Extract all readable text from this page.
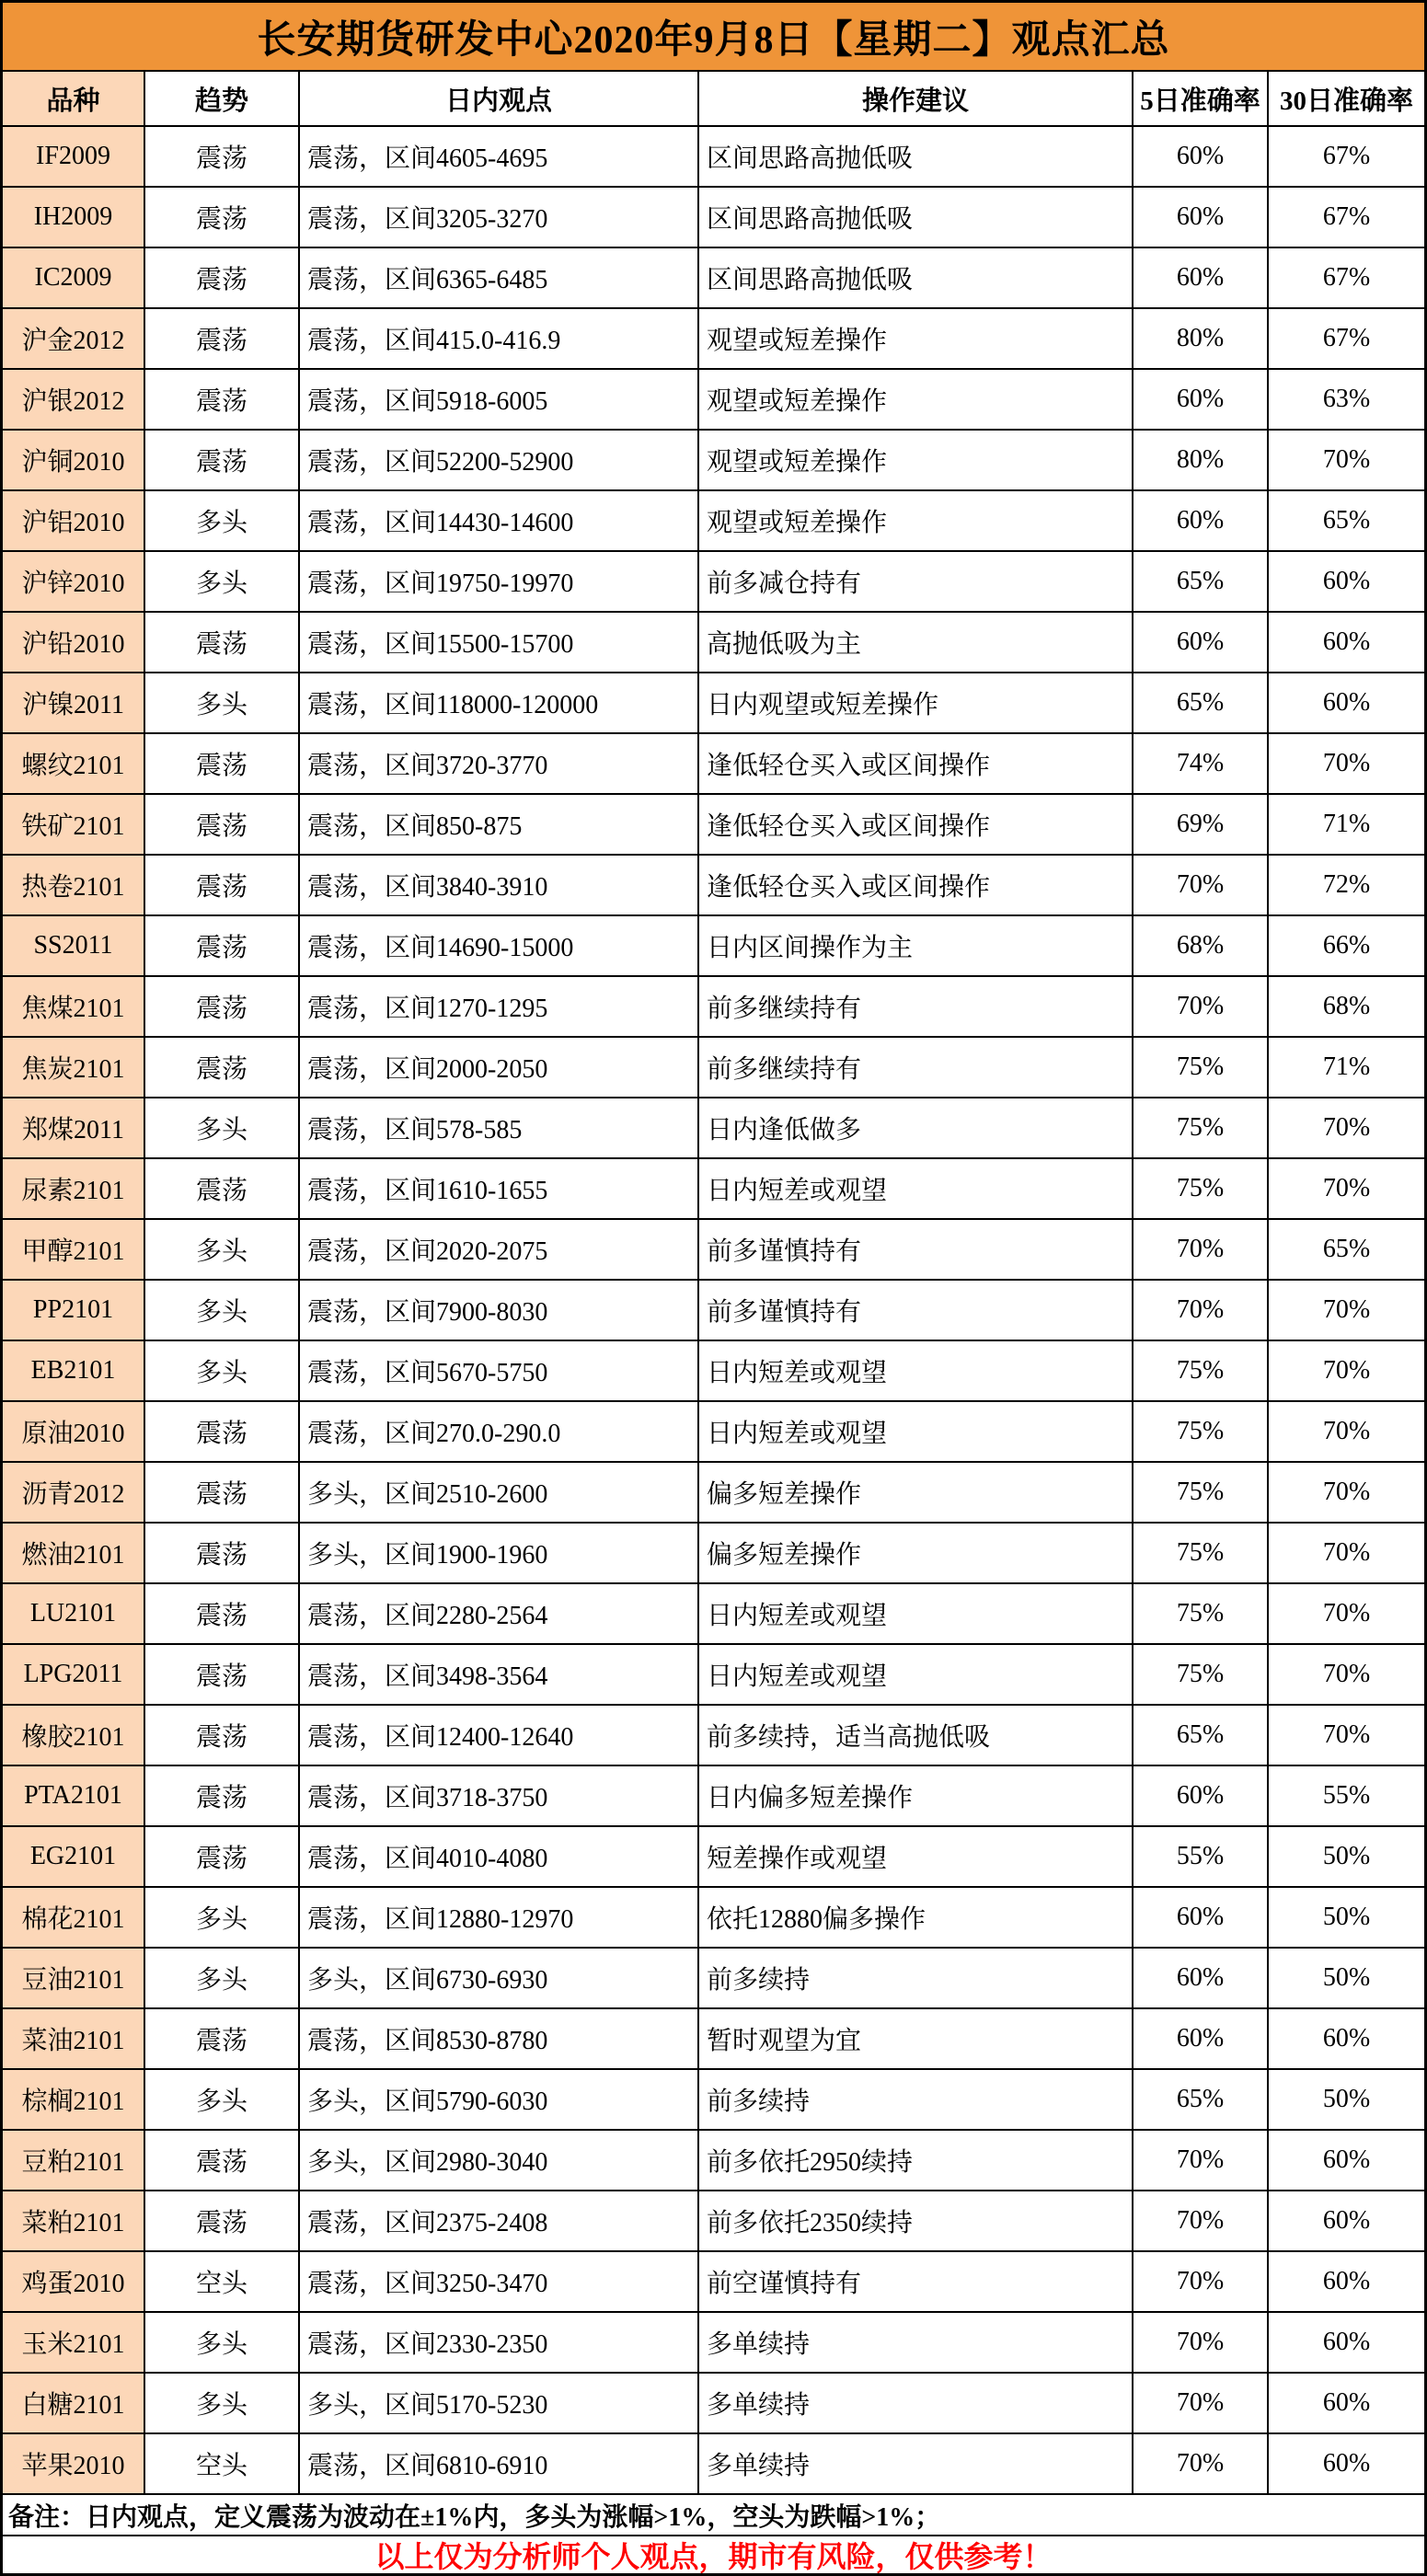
长安期货研发中心2020年9月8日【星期二】观点汇总
品种	趋势	日内观点	操作建议	5日准确率 30日准确率
IF2009	震荡	震荡，区间4605-4695	区间思路高抛低吸	60%	67%
IH2009	震荡	震荡，区间3205-3270	区间思路高抛低吸	60%	67%
IC2009	震荡	震荡，区间6365-6485	区间思路高抛低吸	60%	67%
沪金2012	震荡	震荡，区间415.0-416.9	观望或短差操作	80%	67%
沪银2012	震荡	震荡，区间5918-6005	观望或短差操作	60%	63%
沪铜2010	震荡	震荡，区间52200-52900	观望或短差操作	80%	70%
沪铝2010	多头	震荡，区间14430-14600	观望或短差操作	60%	65%
沪锌2010	多头	震荡，区间19750-19970	前多减仓持有	65%	60%
沪铅2010	震荡	震荡，区间15500-15700	高抛低吸为主	60%	60%
沪镍2011	多头	震荡，区间118000-120000	日内观望或短差操作	65%	60%
螺纹2101	震荡	震荡，区间3720-3770	逢低轻仓买入或区间操作	74%	70%
铁矿2101	震荡	震荡，区间850-875	逢低轻仓买入或区间操作	69%	71%
热卷2101	震荡	震荡，区间3840-3910	逢低轻仓买入或区间操作	70%	72%
SS2011	震荡	震荡，区间14690-15000	日内区间操作为主	68%	66%
焦煤2101	震荡	震荡，区间1270-1295	前多继续持有	70%	68%
焦炭2101	震荡	震荡，区间2000-2050	前多继续持有	75%	71%
郑煤2011	多头	震荡，区间578-585	日内逢低做多	75%	70%
尿素2101	震荡	震荡，区间1610-1655	日内短差或观望	75%	70%
甲醇2101	多头	震荡，区间2020-2075	前多谨慎持有	70%	65%
PP2101	多头	震荡，区间7900-8030	前多谨慎持有	70%	70%
EB2101	多头	震荡，区间5670-5750	日内短差或观望	75%	70%
原油2010	震荡	震荡，区间270.0-290.0	日内短差或观望	75%	70%
沥青2012	震荡	多头，区间2510-2600	偏多短差操作	75%	70%
燃油2101	震荡	多头，区间1900-1960	偏多短差操作	75%	70%
LU2101	震荡	震荡，区间2280-2564	日内短差或观望	75%	70%
LPG2011	震荡	震荡，区间3498-3564	日内短差或观望	75%	70%
橡胶2101	震荡	震荡，区间12400-12640	前多续持，适当高抛低吸	65%	70%
PTA2101	震荡	震荡，区间3718-3750	日内偏多短差操作	60%	55%
EG2101	震荡	震荡，区间4010-4080	短差操作或观望	55%	50%
棉花2101	多头	震荡，区间12880-12970	依托12880偏多操作	60%	50%
豆油2101	多头	多头，区间6730-6930	前多续持	60%	50%
菜油2101	震荡	震荡，区间8530-8780	暂时观望为宜	60%	60%
棕榈2101	多头	多头，区间5790-6030	前多续持	65%	50%
豆粕2101	震荡	多头，区间2980-3040	前多依托2950续持	70%	60%
菜粕2101	震荡	震荡，区间2375-2408	前多依托2350续持	70%	60%
鸡蛋2010	空头	震荡，区间3250-3470	前空谨慎持有	70%	60%
玉米2101	多头	震荡，区间2330-2350	多单续持	70%	60%
白糖2101	多头	多头，区间5170-5230	多单续持	70%	60%
苹果2010	空头	震荡，区间6810-6910	多单续持	70%	60%
备注：日内观点，定义震荡为波动在±1%内，多头为涨幅>1%，空头为跌幅>1%；
以上仅为分析师个人观点，期市有风险，仅供参考！
